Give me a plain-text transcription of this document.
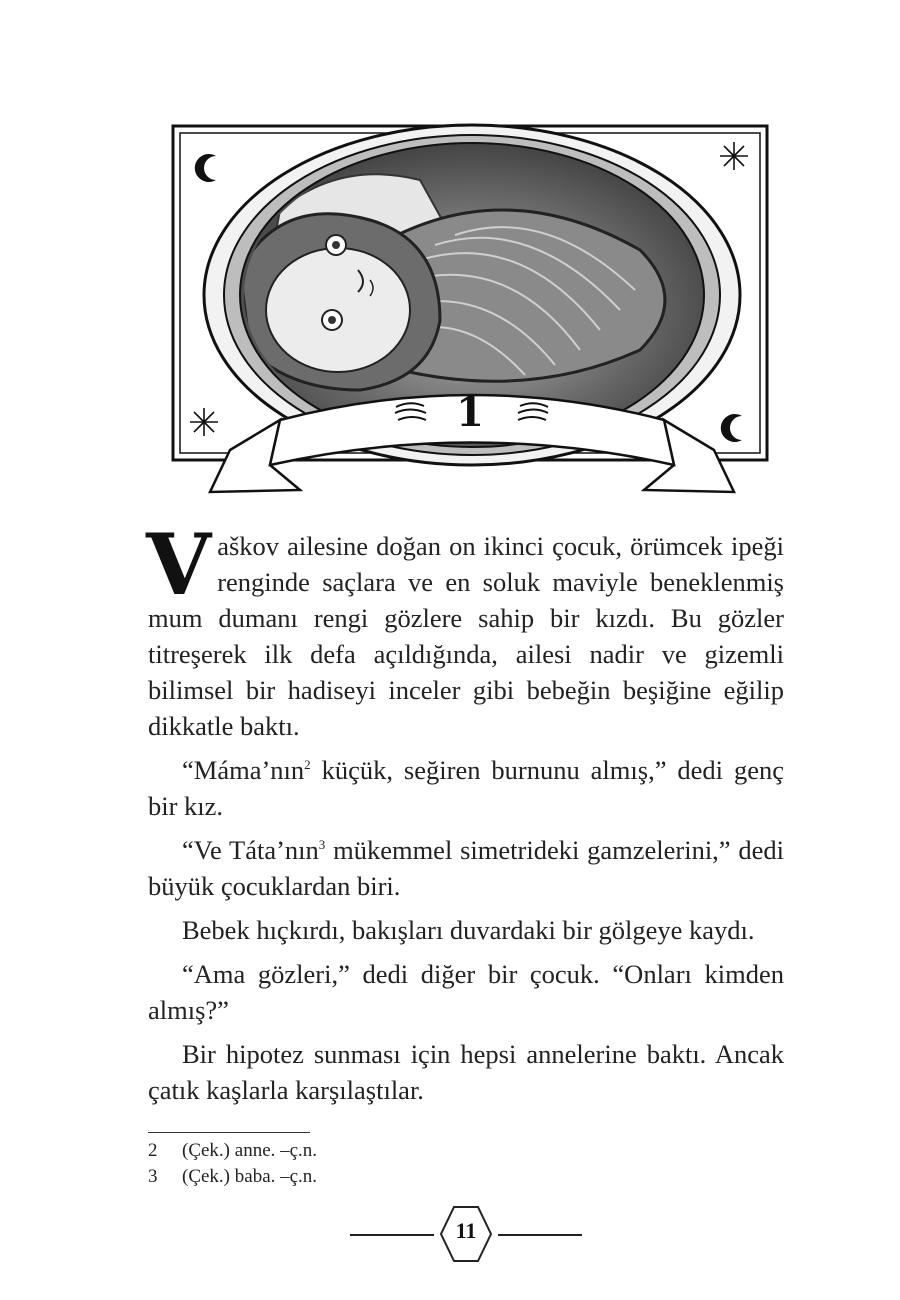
1

Vaškov ailesine doğan on ikinci çocuk, örümcek ipeği renginde saçlara ve en soluk maviyle beneklenmiş mum dumanı rengi gözlere sahip bir kızdı. Bu gözler titreşerek ilk defa açıldığında, ailesi nadir ve gizemli bilimsel bir hadiseyi inceler gibi bebeğin beşiğine eğilip dikkatle baktı.

“Máma’nın$^2$ küçük, seğiren burnunu almış,” dedi genç bir kız.

“Ve Táta’nın$^3$ mükemmel simetrideki gamzelerini,” dedi büyük çocuklardan biri.

Bebek hıçkırdı, bakışları duvardaki bir gölgeye kaydı.

“Ama gözleri,” dedi diğer bir çocuk. “Onları kimden almış?”

Bir hipotez sunması için hepsi annelerine baktı. Ancak çatık kaşlarla karşılaştılar.

2	(Çek.) anne. –ç.n.
3	(Çek.) baba. –ç.n.
11
